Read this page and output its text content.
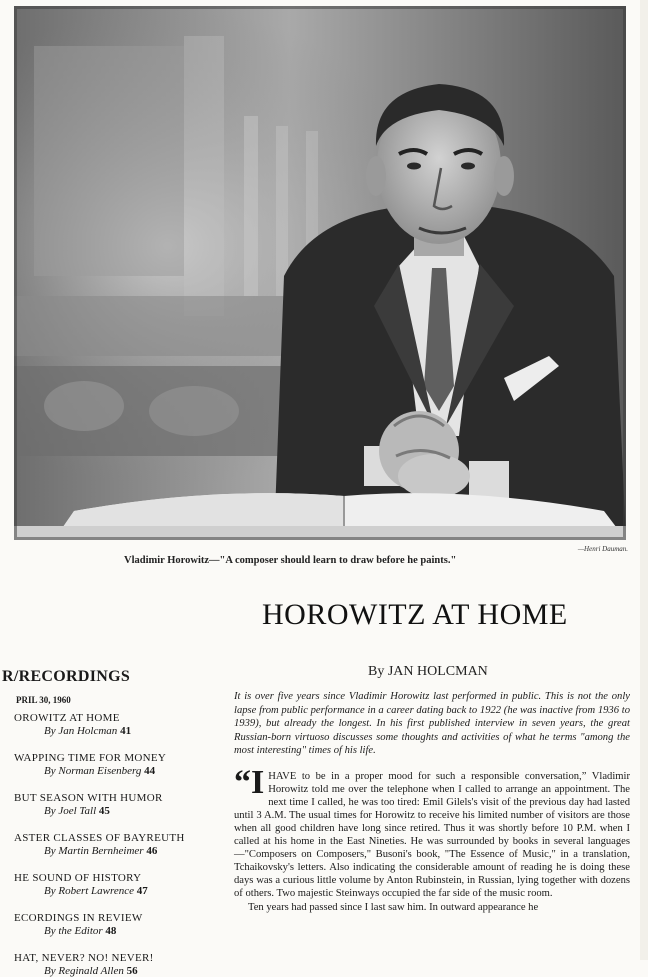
—Henri Dauman.
Vladimir Horowitz—"A composer should learn to draw before he paints."
HOROWITZ AT HOME
By JAN HOLCMAN
R/RECORDINGS
PRIL 30, 1960
OROWITZ AT HOME
By Jan Holcman 41
WAPPING TIME FOR MONEY
By Norman Eisenberg 44
BUT SEASON WITH HUMOR
By Joel Tall 45
ASTER CLASSES OF BAYREUTH
By Martin Bernheimer 46
HE SOUND OF HISTORY
By Robert Lawrence 47
ECORDINGS IN REVIEW
By the Editor 48
HAT, NEVER? NO! NEVER!
By Reginald Allen 56
It is over five years since Vladimir Horowitz last performed in public. This is not the only lapse from public performance in a career dating back to 1922 (he was inactive from 1936 to 1939), but already the longest. In his first published interview in seven years, the great Russian-born virtuoso discusses some thoughts and activities of what he terms "among the most interesting" times of his life.

“I HAVE to be in a proper mood for such a responsible conversation,” Vladimir Horowitz told me over the telephone when I called to arrange an appointment. The next time I called, he was too tired: Emil Gilels's visit of the previous day had lasted until 3 A.M. The usual times for Horowitz to receive his limited number of visitors are those when all good children have long since retired. Thus it was shortly before 10 P.M. when I called at his home in the East Nineties. He was surrounded by books in several languages —"Composers on Composers," Busoni's book, "The Essence of Music," in a translation, Tchaikovsky's letters. Also indicating the considerable amount of reading he is doing these days was a curious little volume by Anton Rubinstein, in Russian, lying together with dozens of others. Two majestic Steinways occupied the far side of the music room.

Ten years had passed since I last saw him. In outward appearance he
